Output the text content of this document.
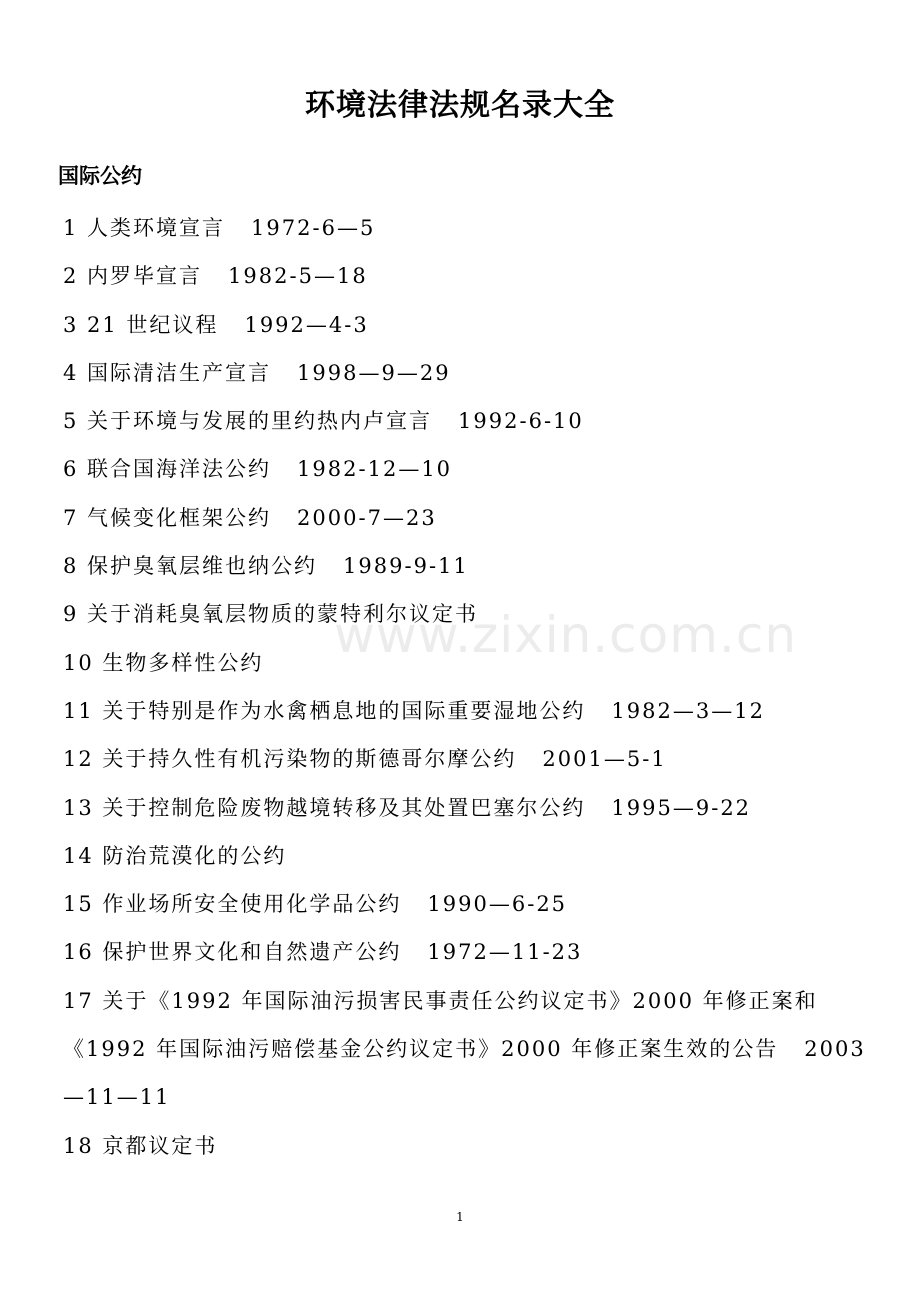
环境法律法规名录大全
国际公约
1 人类环境宣言   1972-6—5
2 内罗毕宣言   1982-5—18
3 21 世纪议程   1992—4-3
4 国际清洁生产宣言   1998—9—29
5 关于环境与发展的里约热内卢宣言   1992-6-10
6 联合国海洋法公约   1982-12—10
7 气候变化框架公约   2000-7—23
8 保护臭氧层维也纳公约   1989-9-11
9 关于消耗臭氧层物质的蒙特利尔议定书
10 生物多样性公约
11 关于特别是作为水禽栖息地的国际重要湿地公约   1982—3—12
12 关于持久性有机污染物的斯德哥尔摩公约   2001—5-1
13 关于控制危险废物越境转移及其处置巴塞尔公约   1995—9-22
14 防治荒漠化的公约
15 作业场所安全使用化学品公约   1990—6-25
16 保护世界文化和自然遗产公约   1972—11-23
17 关于《1992 年国际油污损害民事责任公约议定书》2000 年修正案和《1992 年国际油污赔偿基金公约议定书》2000 年修正案生效的公告   2003—11—11
18 京都议定书
www.zixin.com.cn
1
